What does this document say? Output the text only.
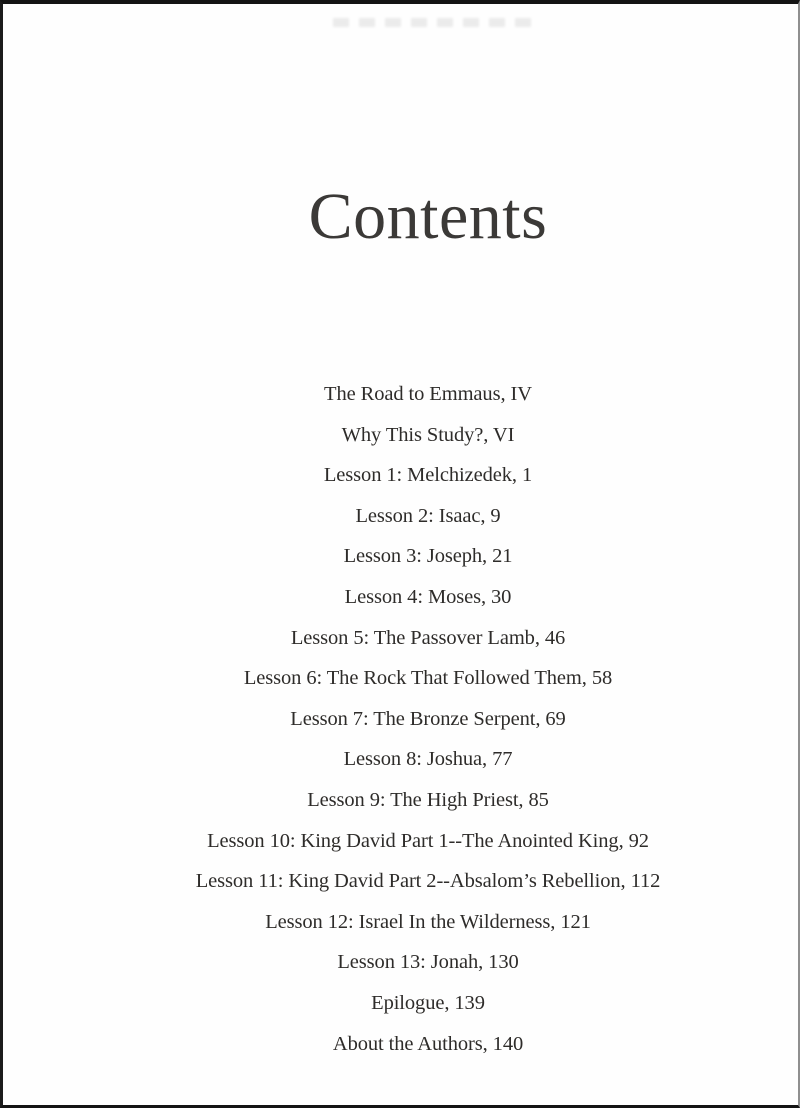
Contents
The Road to Emmaus, IV
Why This Study?, VI
Lesson 1: Melchizedek, 1
Lesson 2: Isaac, 9
Lesson 3: Joseph, 21
Lesson 4: Moses, 30
Lesson 5: The Passover Lamb, 46
Lesson 6: The Rock That Followed Them, 58
Lesson 7: The Bronze Serpent, 69
Lesson 8: Joshua, 77
Lesson 9: The High Priest, 85
Lesson 10: King David Part 1--The Anointed King, 92
Lesson 11: King David Part 2--Absalom’s Rebellion, 112
Lesson 12: Israel In the Wilderness, 121
Lesson 13: Jonah, 130
Epilogue, 139
About the Authors, 140
